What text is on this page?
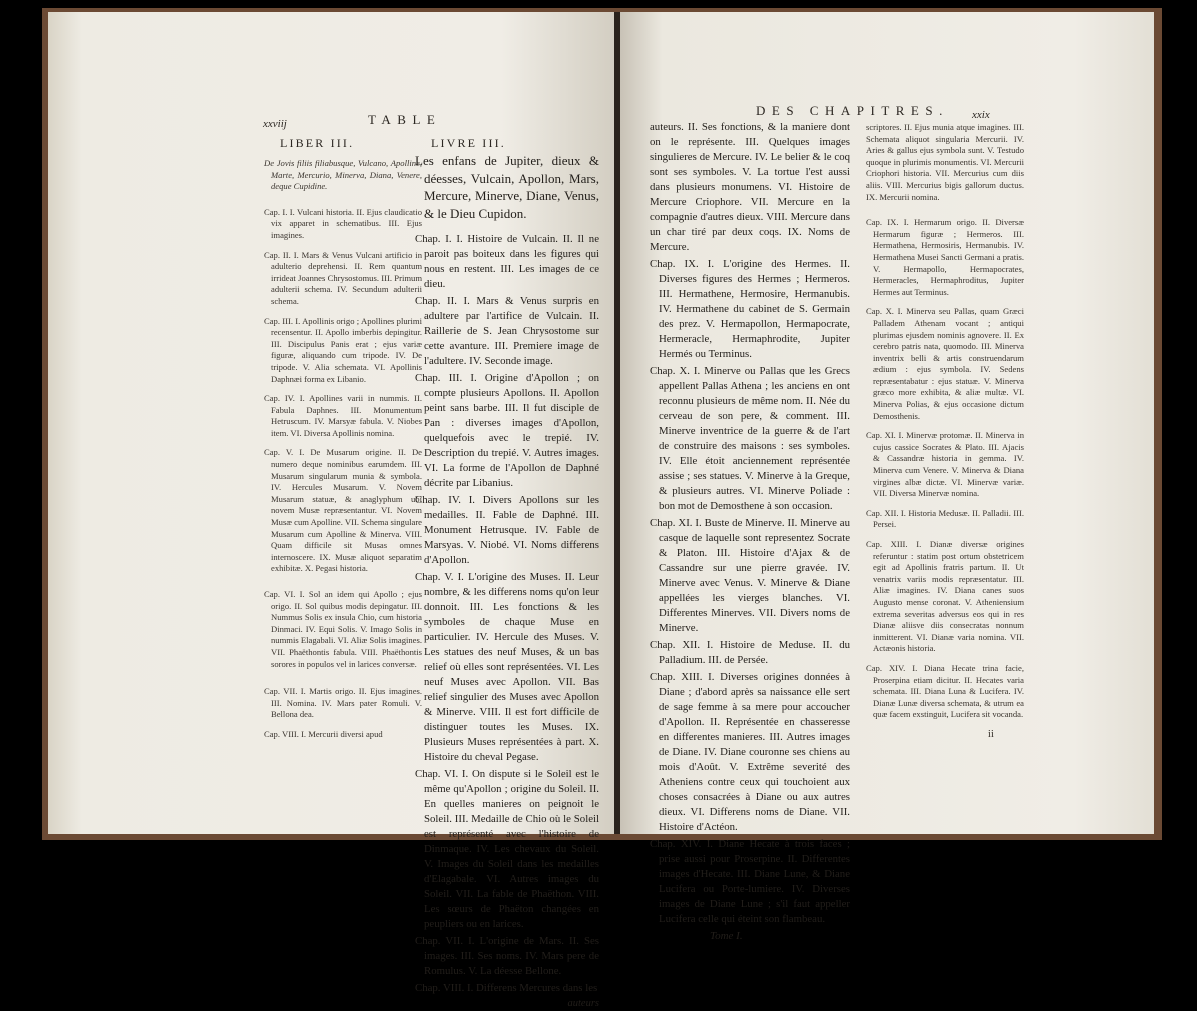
xxviij	TABLE
LIBER III.	LIVRE III.

De Jovis filiis filiabusque, Vulcano, Apolline, Marte, Mercurio, Minerva, Diana, Venere, deque Cupidine.

Cap. I. I. Vulcani historia. II. Ejus claudicatio vix apparet in schematibus. III. Ejus imagines.

Cap. II. I. Mars & Venus Vulcani artificio in adulterio deprehensi. II. Rem quantum irrideat Joannes Chrysostomus. III. Primum adulterii schema. IV. Secundum adulterii schema.

Cap. III. I. Apollinis origo ; Apollines plurimi recensentur. II. Apollo imberbis depingitur. III. Discipulus Panis erat ; ejus variæ figuræ, aliquando cum tripode. IV. De tripode. V. Alia schemata. VI. Apollinis Daphnæi forma ex Libanio.

Cap. IV. I. Apollines varii in nummis. II. Fabula Daphnes. III. Monumentum Hetruscum. IV. Marsyæ fabula. V. Niobes item. VI. Diversa Apollinis nomina.

Cap. V. I. De Musarum origine. II. De numero deque nominibus earumdem. III. Musarum singularum munia & symbola. IV. Hercules Musarum. V. Novem Musarum statuæ, & anaglyphum ubi novem Musæ repræsentantur. VI. Novem Musæ cum Apolline. VII. Schema singulare Musarum cum Apolline & Minerva. VIII. Quam difficile sit Musas omnes internoscere. IX. Musæ aliquot separatim exhibitæ. X. Pegasi historia.

Cap. VI. I. Sol an idem qui Apollo ; ejus origo. II. Sol quibus modis depingatur. III. Nummus Solis ex insula Chio, cum historia Dinmaci. IV. Equi Solis. V. Imago Solis in nummis Elagabali. VI. Aliæ Solis imagines. VII. Phaëthontis fabula. VIII. Phaëthontis sorores in populos vel in larices conversæ.

Cap. VII. I. Martis origo. II. Ejus imagines. III. Nomina. IV. Mars pater Romuli. V. Bellona dea.

Cap. VIII. I. Mercurii diversi apud

Les enfans de Jupiter, dieux & déesses, Vulcain, Apollon, Mars, Mercure, Minerve, Diane, Venus, & le Dieu Cupidon.

Chap. I. I. Histoire de Vulcain. II. Il ne paroit pas boiteux dans les figures qui nous en restent. III. Les images de ce dieu.

Chap. II. I. Mars & Venus surpris en adultere par l'artifice de Vulcain. II. Raillerie de S. Jean Chrysostome sur cette avanture. III. Premiere image de l'adultere. IV. Seconde image.

Chap. III. I. Origine d'Apollon ; on compte plusieurs Apollons. II. Apollon peint sans barbe. III. Il fut disciple de Pan : diverses images d'Apollon, quelquefois avec le trepié. IV. Description du trepié. V. Autres images. VI. La forme de l'Apollon de Daphné décrite par Libanius.

Chap. IV. I. Divers Apollons sur les medailles. II. Fable de Daphné. III. Monument Hetrusque. IV. Fable de Marsyas. V. Niobé. VI. Noms differens d'Apollon.

Chap. V. I. L'origine des Muses. II. Leur nombre, & les differens noms qu'on leur donnoit. III. Les fonctions & les symboles de chaque Muse en particulier. IV. Hercule des Muses. V. Les statues des neuf Muses, & un bas relief où elles sont représentées. VI. Les neuf Muses avec Apollon. VII. Bas relief singulier des Muses avec Apollon & Minerve. VIII. Il est fort difficile de distinguer toutes les Muses. IX. Plusieurs Muses représentées à part. X. Histoire du cheval Pegase.

Chap. VI. I. On dispute si le Soleil est le même qu'Apollon ; origine du Soleil. II. En quelles manieres on peignoit le Soleil. III. Medaille de Chio où le Soleil est représenté avec l'histoire de Dinmaque. IV. Les chevaux du Soleil. V. Images du Soleil dans les medailles d'Elagabale. VI. Autres images du Soleil. VII. La fable de Phaëthon. VIII. Les sœurs de Phaëton changées en peupliers ou en larices.

Chap. VII. I. L'origine de Mars. II. Ses images. III. Ses noms. IV. Mars pere de Romulus. V. La déesse Bellone.

Chap. VIII. I. Differens Mercures dans les

auteurs
DES CHAPITRES. xxix

auteurs. II. Ses fonctions, & la maniere dont on le représente. III. Quelques images singulieres de Mercure. IV. Le belier & le coq sont ses symboles. V. La tortue l'est aussi dans plusieurs monumens. VI. Histoire de Mercure Criophore. VII. Mercure en la compagnie d'autres dieux. VIII. Mercure dans un char tiré par deux coqs. IX. Noms de Mercure.

Chap. IX. I. L'origine des Hermes. II. Diverses figures des Hermes ; Hermeros. III. Hermathene, Hermosire, Hermanubis. IV. Hermathene du cabinet de S. Germain des prez. V. Hermapollon, Hermapocrate, Hermeracle, Hermaphrodite, Jupiter Hermés ou Terminus.

Chap. X. I. Minerve ou Pallas que les Grecs appellent Pallas Athena ; les anciens en ont reconnu plusieurs de même nom. II. Née du cerveau de son pere, & comment. III. Minerve inventrice de la guerre & de l'art de construire des maisons : ses symboles. IV. Elle étoit anciennement représentée assise ; ses statues. V. Minerve à la Greque, & plusieurs autres. VI. Minerve Poliade : bon mot de Demosthene à son occasion.

Chap. XI. I. Buste de Minerve. II. Minerve au casque de laquelle sont representez Socrate & Platon. III. Histoire d'Ajax & de Cassandre sur une pierre gravée. IV. Minerve avec Venus. V. Minerve & Diane appellées les vierges blanches. VI. Differentes Minerves. VII. Divers noms de Minerve.

Chap. XII. I. Histoire de Meduse. II. du Palladium. III. de Persée.

Chap. XIII. I. Diverses origines données à Diane ; d'abord après sa naissance elle sert de sage femme à sa mere pour accoucher d'Apollon. II. Représentée en chasseresse en differentes manieres. III. Autres images de Diane. IV. Diane couronne ses chiens au mois d'Août. V. Extrême severité des Atheniens contre ceux qui touchoient aux choses consacrées à Diane ou aux autres dieux. VI. Differens noms de Diane. VII. Histoire d'Actéon.

Chap. XIV. I. Diane Hecate à trois faces ; prise aussi pour Proserpine. II. Differentes images d'Hecate. III. Diane Lune, & Diane Lucifera ou Porte-lumiere. IV. Diverses images de Diane Lune ; s'il faut appeller Lucifera celle qui éteint son flambeau.

Tome I.

scriptores. II. Ejus munia atque imagines. III. Schemata aliquot singularia Mercurii. IV. Aries & gallus ejus symbola sunt. V. Testudo quoque in plurimis monumentis. VI. Mercurii Criophori historia. VII. Mercurius cum diis aliis. VIII. Mercurius bigis gallorum ductus. IX. Mercurii nomina.

Cap. IX. I. Hermarum origo. II. Diversæ Hermarum figuræ ; Hermeros. III. Hermathena, Hermosiris, Hermanubis. IV. Hermathena Musei Sancti Germani a pratis. V. Hermapollo, Hermapocrates, Hermeracles, Hermaphroditus, Jupiter Hermes aut Terminus.

Cap. X. I. Minerva seu Pallas, quam Græci Palladem Athenam vocant ; antiqui plurimas ejusdem nominis agnovere. II. Ex cerebro patris nata, quomodo. III. Minerva inventrix belli & artis construendarum ædium : ejus symbola. IV. Sedens repræsentabatur : ejus statuæ. V. Minerva græco more exhibita, & aliæ multæ. VI. Minerva Polias, & ejus occasione dictum Demosthenis.

Cap. XI. I. Minervæ protomæ. II. Minerva in cujus cassice Socrates & Plato. III. Ajacis & Cassandræ historia in gemma. IV. Minerva cum Venere. V. Minerva & Diana virgines albæ dictæ. VI. Minervæ variæ. VII. Diversa Minervæ nomina.

Cap. XII. I. Historia Medusæ. II. Palladii. III. Persei.

Cap. XIII. I. Dianæ diversæ origines referuntur : statim post ortum obstetricem egit ad Apollinis fratris partum. II. Ut venatrix variis modis repræsentatur. III. Aliæ imagines. IV. Diana canes suos Augusto mense coronat. V. Atheniensium extrema severitas adversus eos qui in res Dianæ aliisve diis consecratas nonnum inmitterent. VI. Dianæ varia nomina. VII. Actæonis historia.

Cap. XIV. I. Diana Hecate trina facie, Proserpina etiam dicitur. II. Hecates varia schemata. III. Diana Luna & Lucifera. IV. Dianæ Lunæ diversa schemata, & utrum ea quæ facem exstinguit, Lucifera sit vocanda.

ii
